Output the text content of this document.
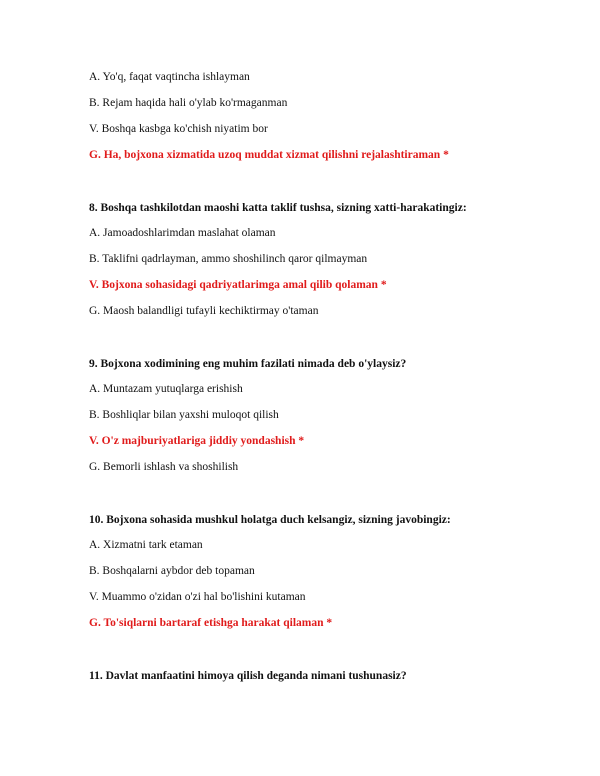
A. Yo'q, faqat vaqtincha ishlayman
B. Rejam haqida hali o'ylab ko'rmaganman
V. Boshqa kasbga ko'chish niyatim bor
G. Ha, bojxona xizmatida uzoq muddat xizmat qilishni rejalashtiraman *
8. Boshqa tashkilotdan maoshi katta taklif tushsa, sizning xatti-harakatingiz:
A. Jamoadoshlarimdan maslahat olaman
B. Taklifni qadrlayman, ammo shoshilinch qaror qilmayman
V. Bojxona sohasidagi qadriyatlarimga amal qilib qolaman *
G. Maosh balandligi tufayli kechiktirmay o'taman
9. Bojxona xodimining eng muhim fazilati nimada deb o'ylaysiz?
A. Muntazam yutuqlarga erishish
B. Boshliqlar bilan yaxshi muloqot qilish
V. O'z majburiyatlariga jiddiy yondashish *
G. Bemorli ishlash va shoshilish
10. Bojxona sohasida mushkul holatga duch kelsangiz, sizning javobingiz:
A. Xizmatni tark etaman
B. Boshqalarni aybdor deb topaman
V. Muammo o'zidan o'zi hal bo'lishini kutaman
G. To'siqlarni bartaraf etishga harakat qilaman *
11. Davlat manfaatini himoya qilish deganda nimani tushunasiz?
